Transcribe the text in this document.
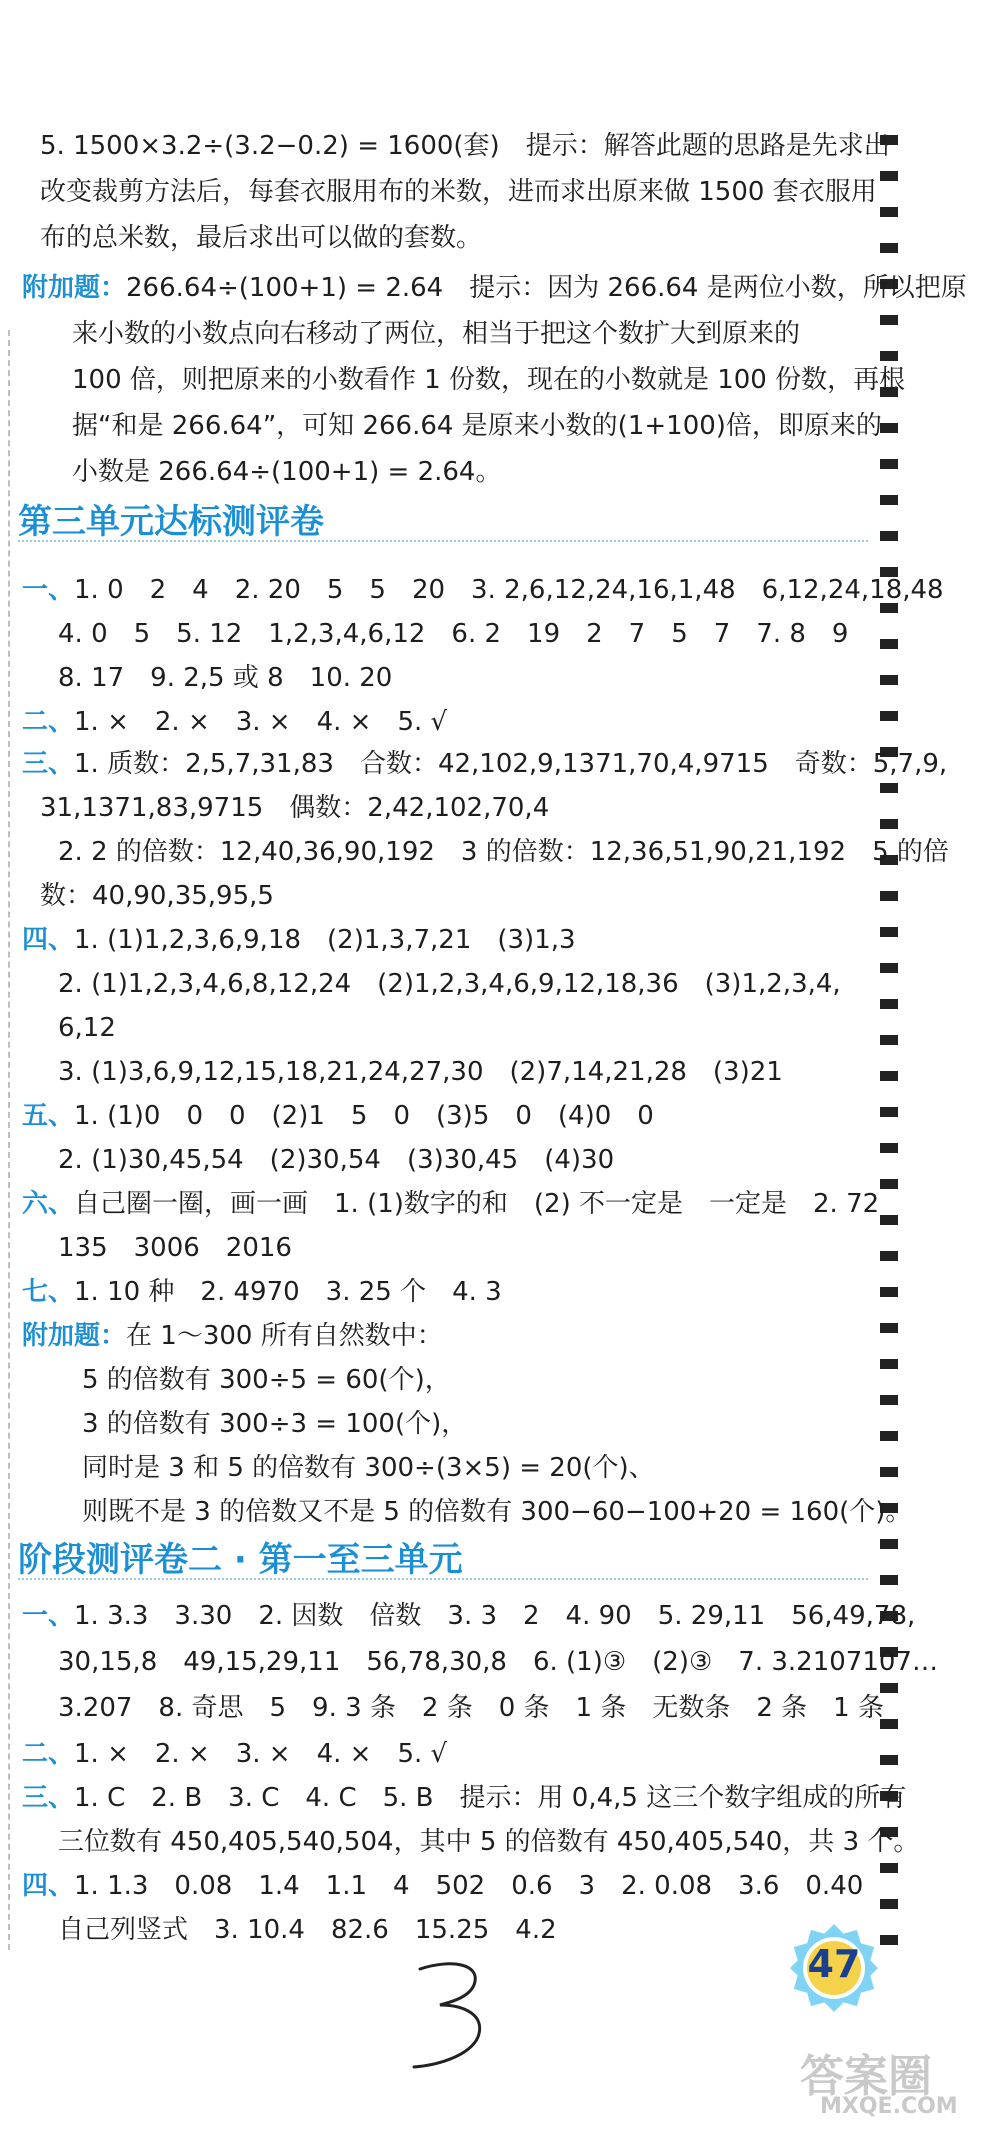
5. 1500×3.2÷(3.2−0.2) = 1600(套)　提示：解答此题的思路是先求出
改变裁剪方法后，每套衣服用布的米数，进而求出原来做 1500 套衣服用
布的总米数，最后求出可以做的套数。
附加题：266.64÷(100+1) = 2.64　提示：因为 266.64 是两位小数，所以把原
来小数的小数点向右移动了两位，相当于把这个数扩大到原来的
100 倍，则把原来的小数看作 1 份数，现在的小数就是 100 份数，再根
据“和是 266.64”，可知 266.64 是原来小数的(1+100)倍，即原来的
小数是 266.64÷(100+1) = 2.64。
第三单元达标测评卷
一、1. 0　2　4　2. 20　5　5　20　3. 2,6,12,24,16,1,48　6,12,24,18,48
4. 0　5　5. 12　1,2,3,4,6,12　6. 2　19　2　7　5　7　7. 8　9
8. 17　9. 2,5 或 8　10. 20
二、1. ×　2. ×　3. ×　4. ×　5. √
三、1. 质数：2,5,7,31,83　合数：42,102,9,1371,70,4,9715　奇数：5,7,9,
31,1371,83,9715　偶数：2,42,102,70,4
2. 2 的倍数：12,40,36,90,192　3 的倍数：12,36,51,90,21,192　5 的倍
数：40,90,35,95,5
四、1. (1)1,2,3,6,9,18　(2)1,3,7,21　(3)1,3
2. (1)1,2,3,4,6,8,12,24　(2)1,2,3,4,6,9,12,18,36　(3)1,2,3,4,
6,12
3. (1)3,6,9,12,15,18,21,24,27,30　(2)7,14,21,28　(3)21
五、1. (1)0　0　0　(2)1　5　0　(3)5　0　(4)0　0
2. (1)30,45,54　(2)30,54　(3)30,45　(4)30
六、自己圈一圈，画一画　1. (1)数字的和　(2) 不一定是　一定是　2. 72
135　3006　2016
七、1. 10 种　2. 4970　3. 25 个　4. 3
附加题：在 1～300 所有自然数中：
5 的倍数有 300÷5 = 60(个)，
3 的倍数有 300÷3 = 100(个)，
同时是 3 和 5 的倍数有 300÷(3×5) = 20(个)、
则既不是 3 的倍数又不是 5 的倍数有 300−60−100+20 = 160(个)。
阶段测评卷二 · 第一至三单元
一、1. 3.3　3.30　2. 因数　倍数　3. 3　2　4. 90　5. 29,11　56,49,78,
30,15,8　49,15,29,11　56,78,30,8　6. (1)③　(2)③　7. 3.2107107…
3.207　8. 奇思　5　9. 3 条　2 条　0 条　1 条　无数条　2 条　1 条
二、1. ×　2. ×　3. ×　4. ×　5. √
三、1. C　2. B　3. C　4. C　5. B　提示：用 0,4,5 这三个数字组成的所有
三位数有 450,405,540,504，其中 5 的倍数有 450,405,540，共 3 个。
四、1. 1.3　0.08　1.4　1.1　4　502　0.6　3　2. 0.08　3.6　0.40
自己列竖式　3. 10.4　82.6　15.25　4.2
47
答案圈
MXQE.COM
